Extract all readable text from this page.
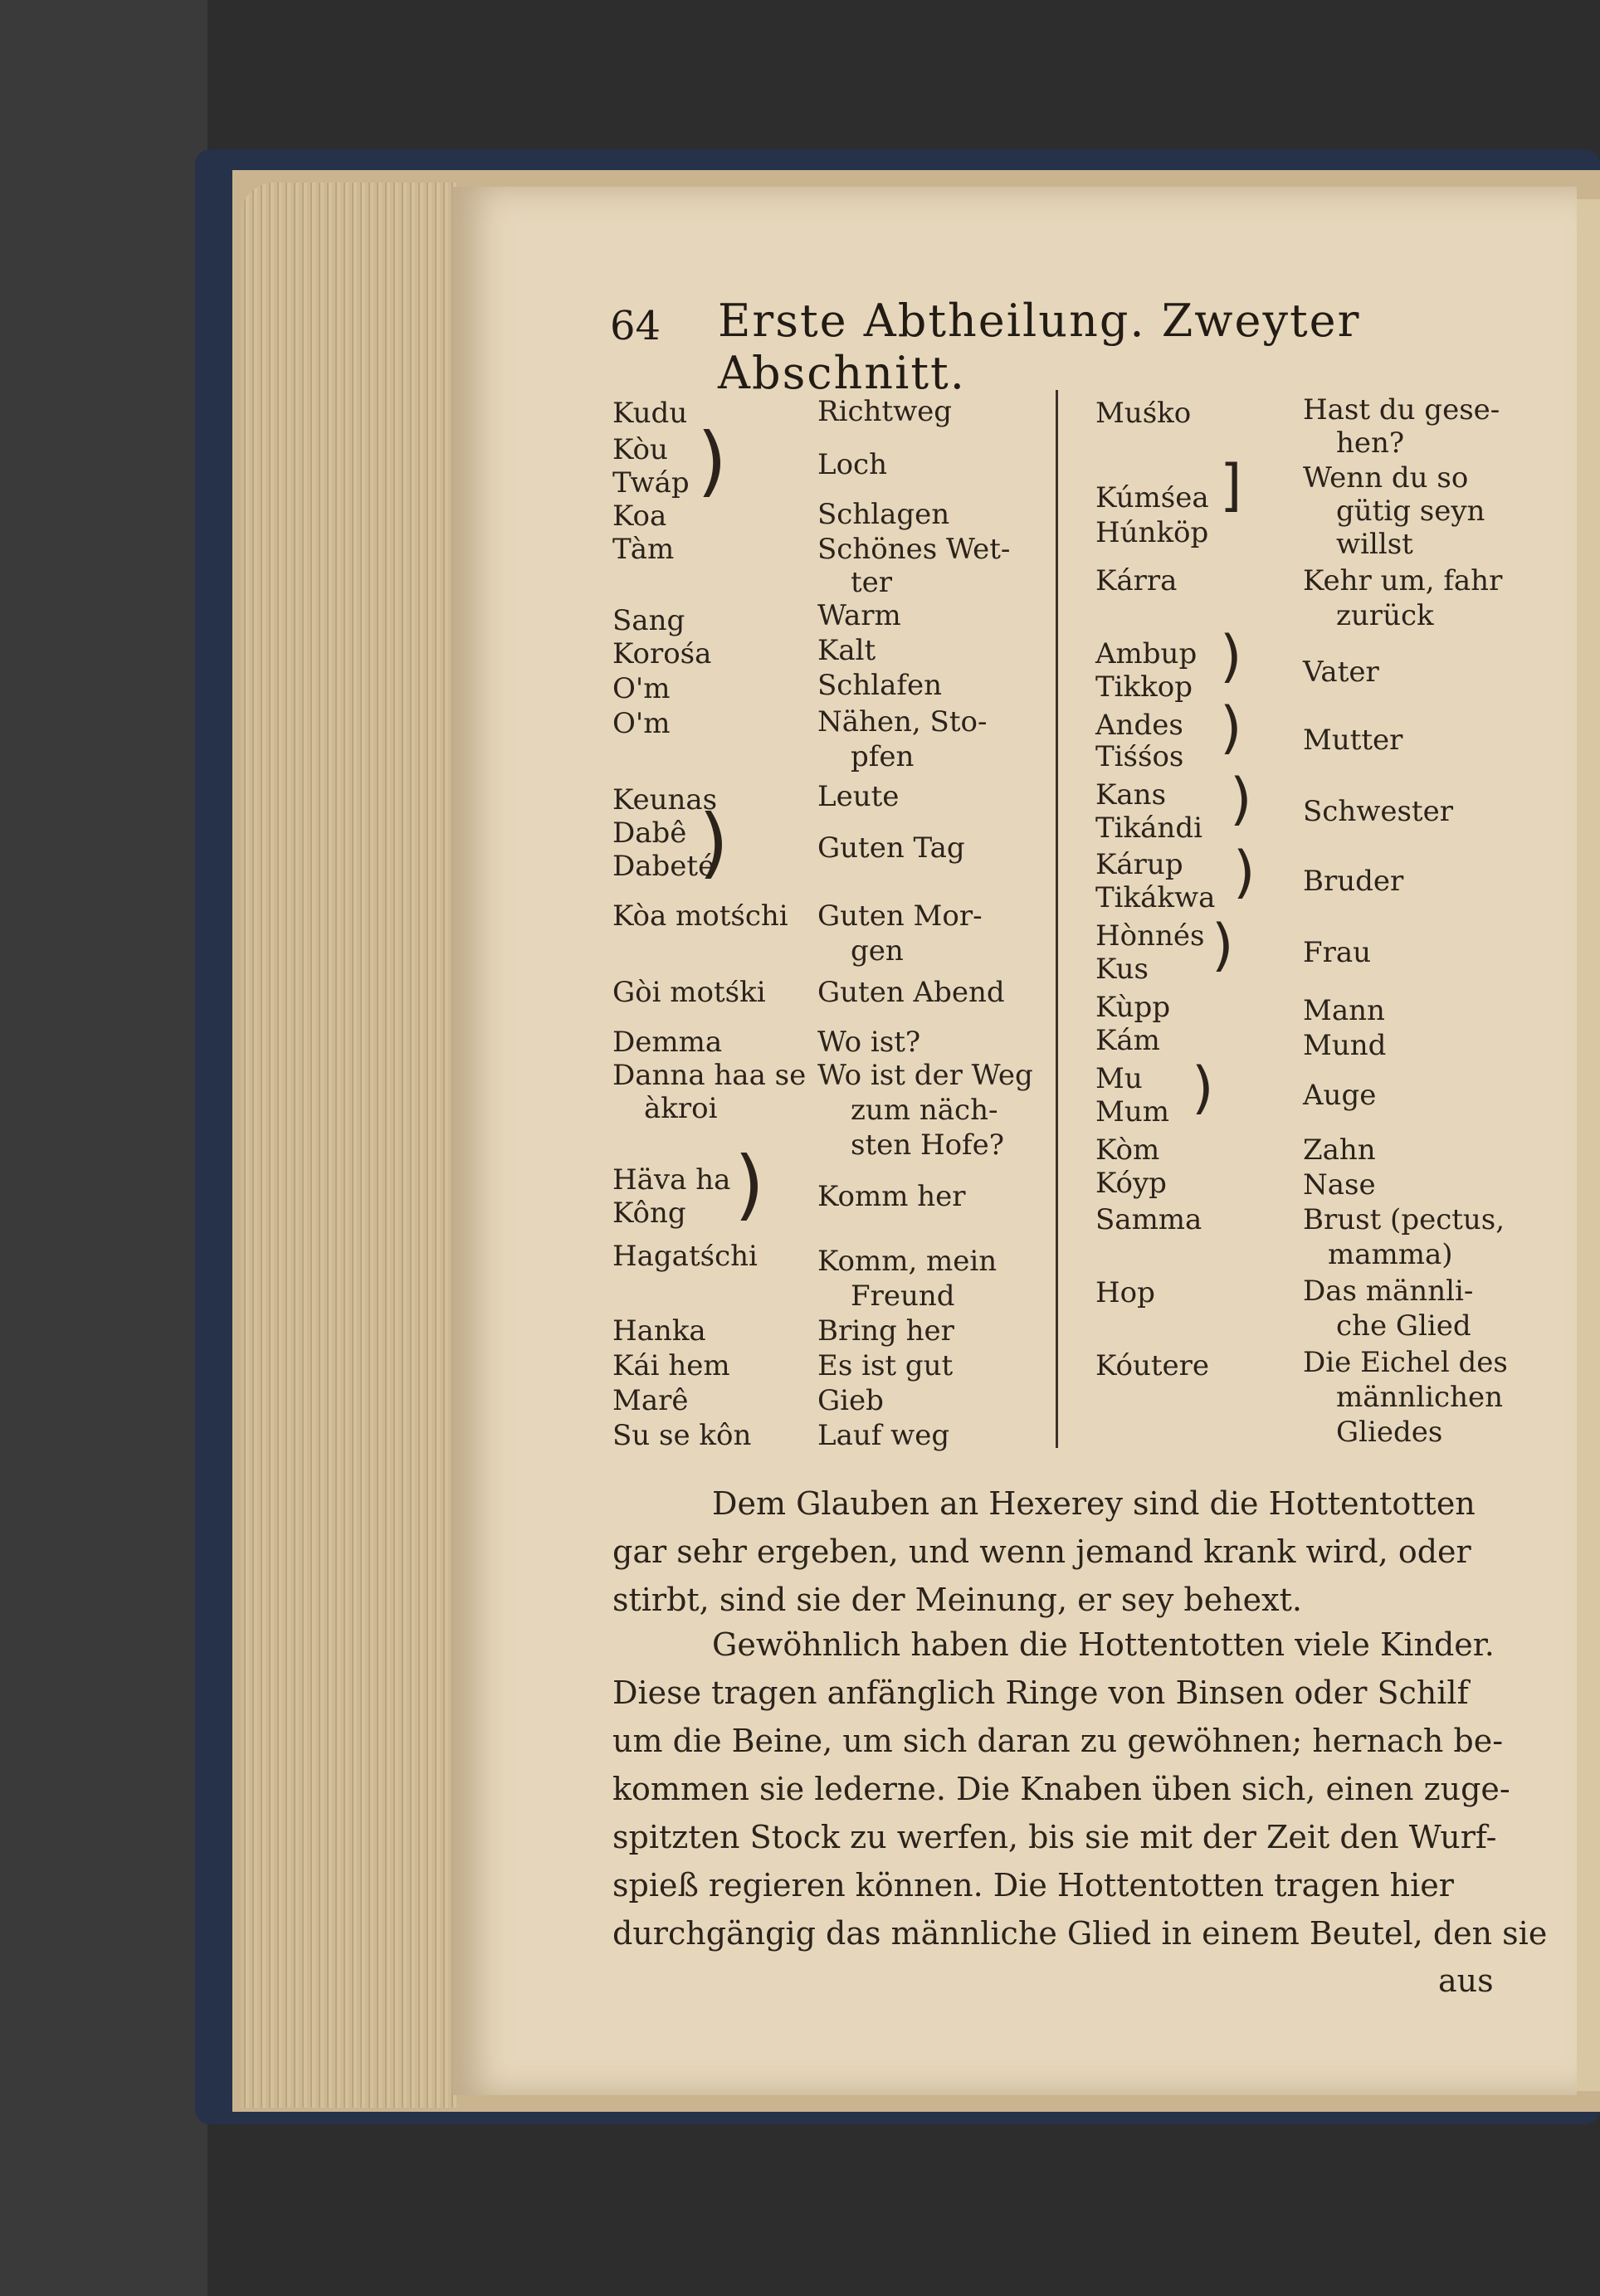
64 Erste Abtheilung. Zweyter Abschnitt.
Kudu
Kòu
Twáp
Koa
Tàm
Sang
Korośa
O'm
O'm
Keunas
Dabê
Dabeté
Kòa motśchi
Gòi motśki
Demma
Danna haa se
àkroi
Häva ha
Kông
Hagatśchi
Hanka
Kái hem
Marê
Su se kôn
)
)
)
Richtweg
Loch
Schlagen
Schönes Wet-
ter
Warm
Kalt
Schlafen
Nähen, Sto-
pfen
Leute
Guten Tag
Guten Mor-
gen
Guten Abend
Wo ist?
Wo ist der Weg
zum näch-
sten Hofe?
Komm her
Komm, mein
Freund
Bring her
Es ist gut
Gieb
Lauf weg
Muśko
Kúmśea
Húnköp
Kárra
Ambup
Tikkop
Andes
Tiśśos
Kans
Tikándi
Kárup
Tikákwa
Hònnés
Kus
Kùpp
Kám
Mu
Mum
Kòm
Kóyp
Samma
Hop
Kóutere
]
)
)
)
)
)
)
Hast du gese-
hen?
Wenn du so
gütig seyn
willst
Kehr um, fahr
zurück
Vater
Mutter
Schwester
Bruder
Frau
Mann
Mund
Auge
Zahn
Nase
Brust (pectus,
mamma)
Das männli-
che Glied
Die Eichel des
männlichen
Gliedes
Dem Glauben an Hexerey sind die Hottentotten
gar sehr ergeben, und wenn jemand krank wird, oder
stirbt, sind sie der Meinung, er sey behext.
Gewöhnlich haben die Hottentotten viele Kinder.
Diese tragen anfänglich Ringe von Binsen oder Schilf
um die Beine, um sich daran zu gewöhnen; hernach be-
kommen sie lederne. Die Knaben üben sich, einen zuge-
spitzten Stock zu werfen, bis sie mit der Zeit den Wurf-
spieß regieren können. Die Hottentotten tragen hier
durchgängig das männliche Glied in einem Beutel, den sie
aus
